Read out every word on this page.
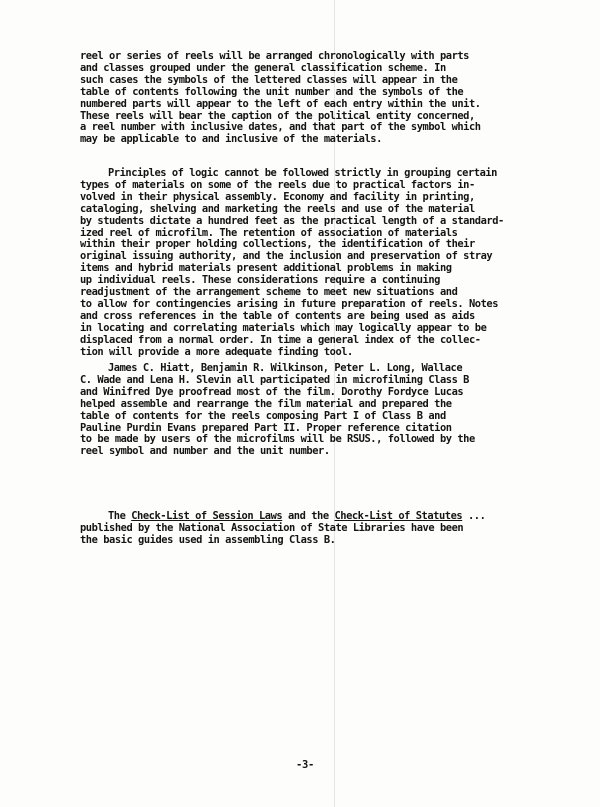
reel or series of reels will be arranged chronologically with parts
and classes grouped under the general classification scheme. In
such cases the symbols of the lettered classes will appear in the
table of contents following the unit number and the symbols of the
numbered parts will appear to the left of each entry within the unit.
These reels will bear the caption of the political entity concerned,
a reel number with inclusive dates, and that part of the symbol which
may be applicable to and inclusive of the materials.
Principles of logic cannot be followed strictly in grouping certain
types of materials on some of the reels due to practical factors in-
volved in their physical assembly. Economy and facility in printing,
cataloging, shelving and marketing the reels and use of the material
by students dictate a hundred feet as the practical length of a standard-
ized reel of microfilm. The retention of association of materials
within their proper holding collections, the identification of their
original issuing authority, and the inclusion and preservation of stray
items and hybrid materials present additional problems in making
up individual reels. These considerations require a continuing
readjustment of the arrangement scheme to meet new situations and
to allow for contingencies arising in future preparation of reels. Notes
and cross references in the table of contents are being used as aids
in locating and correlating materials which may logically appear to be
displaced from a normal order. In time a general index of the collec-
tion will provide a more adequate finding tool.
James C. Hiatt, Benjamin R. Wilkinson, Peter L. Long, Wallace
C. Wade and Lena H. Slevin all participated in microfilming Class B
and Winifred Dye proofread most of the film. Dorothy Fordyce Lucas
helped assemble and rearrange the film material and prepared the
table of contents for the reels composing Part I of Class B and
Pauline Purdin Evans prepared Part II. Proper reference citation
to be made by users of the microfilms will be RSUS., followed by the
reel symbol and number and the unit number.
The Check-List of Session Laws and the Check-List of Statutes ...
published by the National Association of State Libraries have been
the basic guides used in assembling Class B.
-3-
